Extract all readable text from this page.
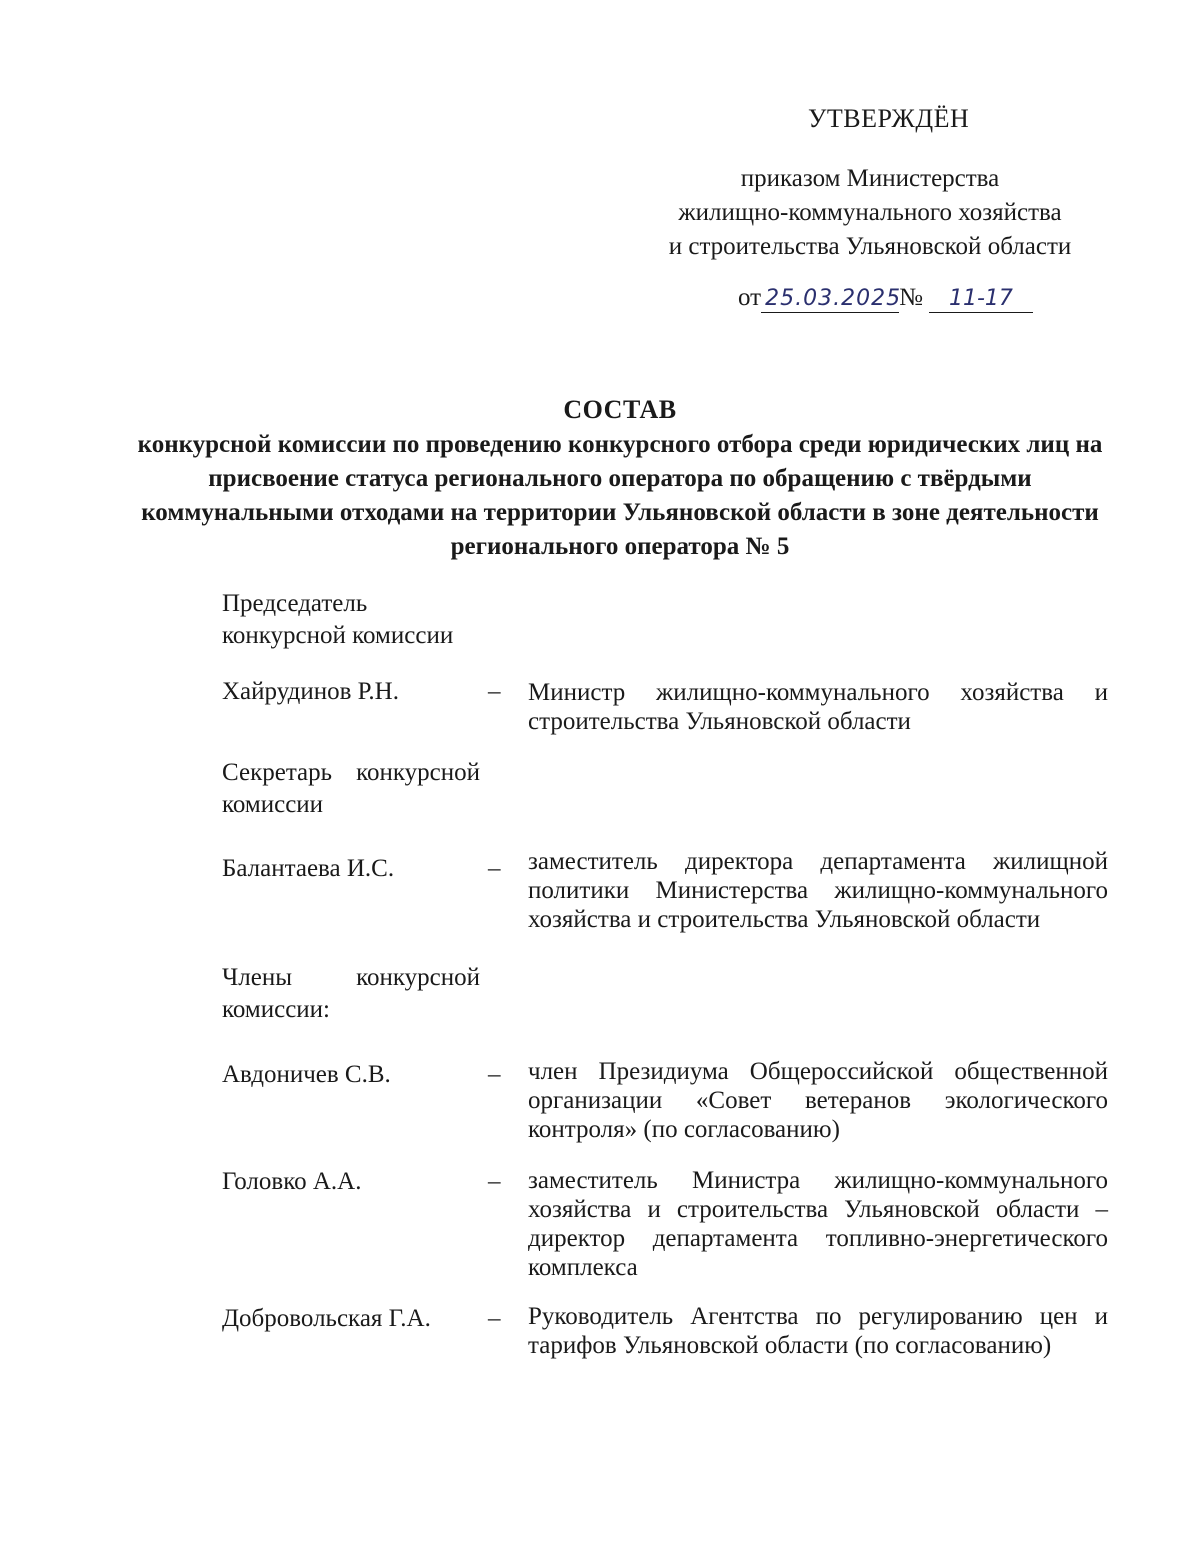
УТВЕРЖДЁН
приказом Министерства
жилищно-коммунального хозяйства
и строительства Ульяновской области
от 25.03.2025№ 11-17
СОСТАВ
конкурсной комиссии по проведению конкурсного отбора среди юридических лиц на присвоение статуса регионального оператора по обращению с твёрдыми коммунальными отходами на территории Ульяновской области в зоне деятельности регионального оператора № 5
Председатель конкурсной комиссии
Хайрудинов Р.Н.	– Министр жилищно-коммунального хозяйства и строительства Ульяновской области
Секретарь конкурсной комиссии
Балантаева И.С.	– заместитель директора департамента жилищной политики Министерства жилищно-коммунального хозяйства и строительства Ульяновской области
Члены конкурсной комиссии:
Авдоничев С.В.	– член Президиума Общероссийской общественной организации «Совет ветеранов экологического контроля» (по согласованию)
Головко А.А.	– заместитель Министра жилищно-коммунального хозяйства и строительства Ульяновской области – директор департамента топливно-энергетического комплекса
Добровольская Г.А. – Руководитель Агентства по регулированию цен и тарифов Ульяновской области (по согласованию)
